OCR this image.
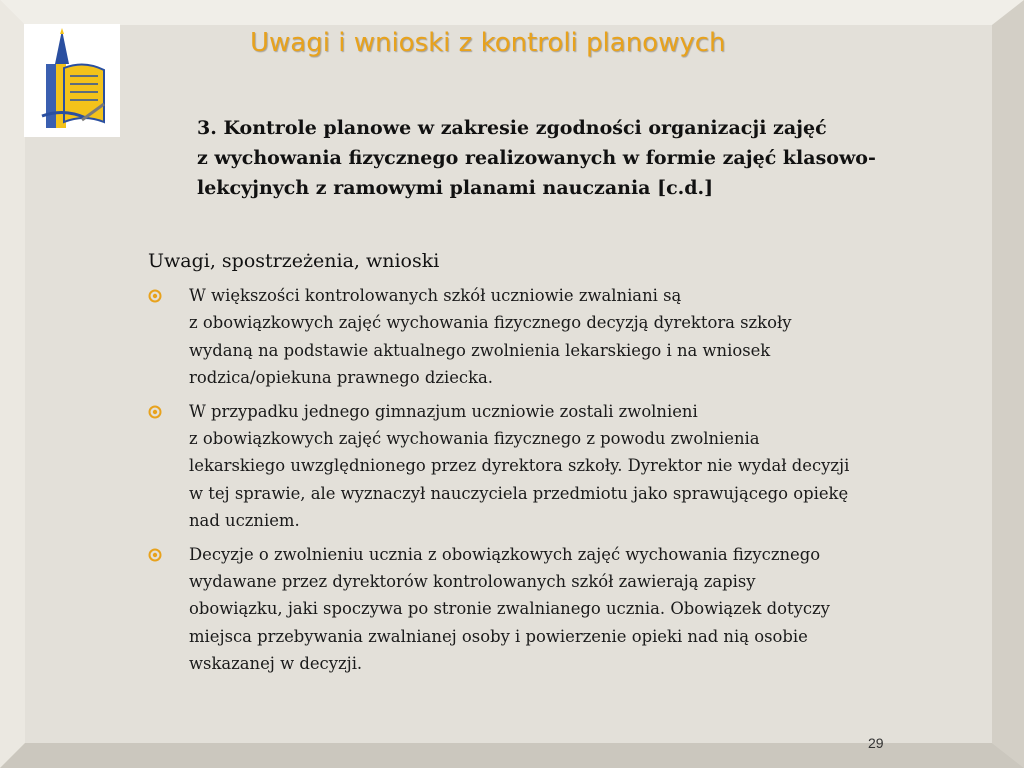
Uwagi i wnioski z kontroli planowych
3. Kontrole planowe w zakresie zgodności organizacji zajęć
z wychowania fizycznego realizowanych w formie zajęć klasowo-
lekcyjnych z ramowymi planami nauczania [c.d.]
Uwagi, spostrzeżenia, wnioski
W większości kontrolowanych szkół uczniowie zwalniani są
z obowiązkowych zajęć wychowania fizycznego decyzją dyrektora szkoły
wydaną na podstawie aktualnego zwolnienia lekarskiego i na wniosek
rodzica/opiekuna prawnego dziecka.
W przypadku jednego gimnazjum uczniowie zostali zwolnieni
z obowiązkowych zajęć wychowania fizycznego z powodu zwolnienia
lekarskiego uwzględnionego przez dyrektora szkoły. Dyrektor nie wydał decyzji
w tej sprawie, ale wyznaczył nauczyciela przedmiotu jako sprawującego opiekę
nad uczniem.
Decyzje o zwolnieniu ucznia z obowiązkowych zajęć wychowania fizycznego
wydawane przez dyrektorów kontrolowanych szkół zawierają zapisy
obowiązku, jaki spoczywa po stronie zwalnianego ucznia. Obowiązek dotyczy
miejsca przebywania zwalnianej osoby i powierzenie opieki nad nią osobie
wskazanej w decyzji.
29
